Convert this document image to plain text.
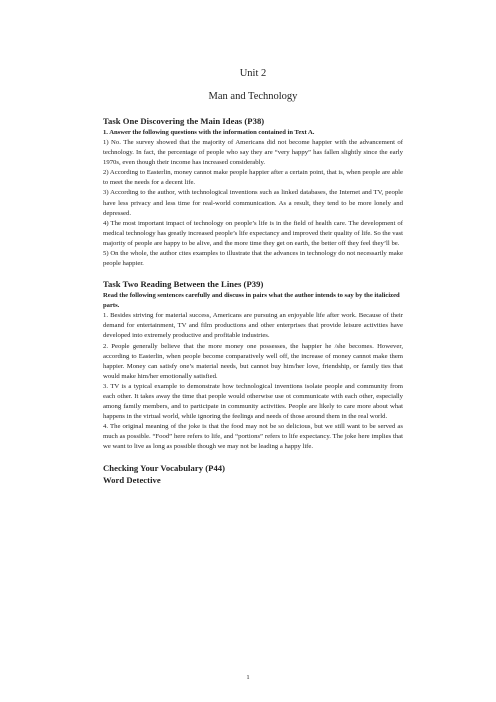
Unit 2
Man and Technology
Task One Discovering the Main Ideas (P38)
1. Answer the following questions with the information contained in Text A.

1) No. The survey showed that the majority of Americans did not become happier with the advancement of technology. In fact, the percentage of people who say they are “very happy” has fallen slightly since the early 1970s, even though their income has increased considerably.

2) According to Easterlin, money cannot make people happier after a certain point, that is, when people are able to meet the needs for a decent life.

3) According to the author, with technological inventions such as linked databases, the Internet and TV, people have less privacy and less time for real-world communication. As a result, they tend to be more lonely and depressed.

4) The most important impact of technology on people’s life is in the field of health care. The development of medical technology has greatly increased people’s life expectancy and improved their quality of life. So the vast majority of people are happy to be alive, and the more time they get on earth, the better off they feel they’ll be.

5) On the whole, the author cites examples to illustrate that the advances in technology do not necessarily make people happier.

Task Two Reading Between the Lines (P39)
Read the following sentences carefully and discuss in pairs what the author intends to say by the italicized parts.

1. Besides striving for material success, Americans are pursuing an enjoyable life after work. Because of their demand for entertainment, TV and film productions and other enterprises that provide leisure activities have developed into extremely productive and profitable industries.

2. People generally believe that the more money one possesses, the happier he /she becomes. However, according to Easterlin, when people become comparatively well off, the increase of money cannot make them happier. Money can satisfy one’s material needs, but cannot buy him/her love, friendship, or family ties that would make him/her emotionally satisfied.

3. TV is a typical example to demonstrate how technological inventions isolate people and community from each other. It takes away the time that people would otherwise use ot communicate with each other, especially among family members, and to participate in community activities. People are likely to care more about what happens in the virtual world, while ignoring the feelings and needs of those around them in the real world.

4. The original meaning of the joke is that the food may not be so delicious, but we still want to be served as much as possible. “Food” here refers to life, and “portions” refers to life expectancy. The joke here implies that we want to live as long as possible though we may not be leading a happy life.

Checking Your Vocabulary (P44)
Word Detective
1
